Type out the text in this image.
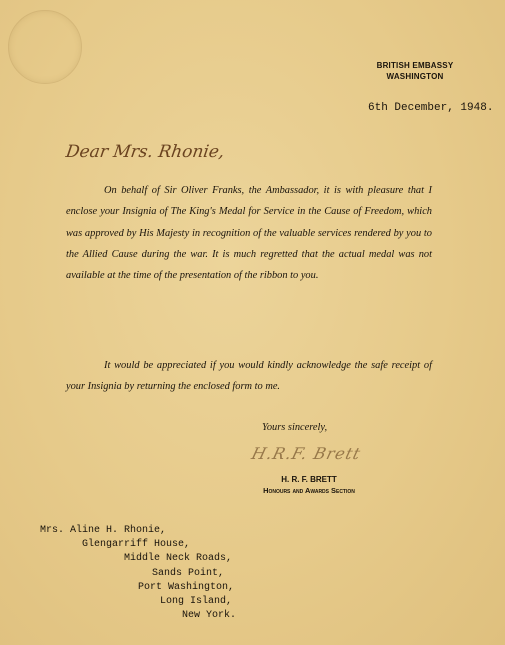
BRITISH EMBASSY
WASHINGTON
6th December, 1948.
Dear Mrs. Rhonie,
On behalf of Sir Oliver Franks, the Ambassador, it is with pleasure that I enclose your Insignia of The King's Medal for Service in the Cause of Freedom, which was approved by His Majesty in recognition of the valuable services rendered by you to the Allied Cause during the war. It is much regretted that the actual medal was not available at the time of the presentation of the ribbon to you.
It would be appreciated if you would kindly acknowledge the safe receipt of your Insignia by returning the enclosed form to me.
Yours sincerely,
H.R.F. Brett
H. R. F. BRETT
Honours and Awards Section
Mrs. Aline H. Rhonie,
Glengarriff House,
Middle Neck Roads,
Sands Point,
Port Washington,
Long Island,
New York.
